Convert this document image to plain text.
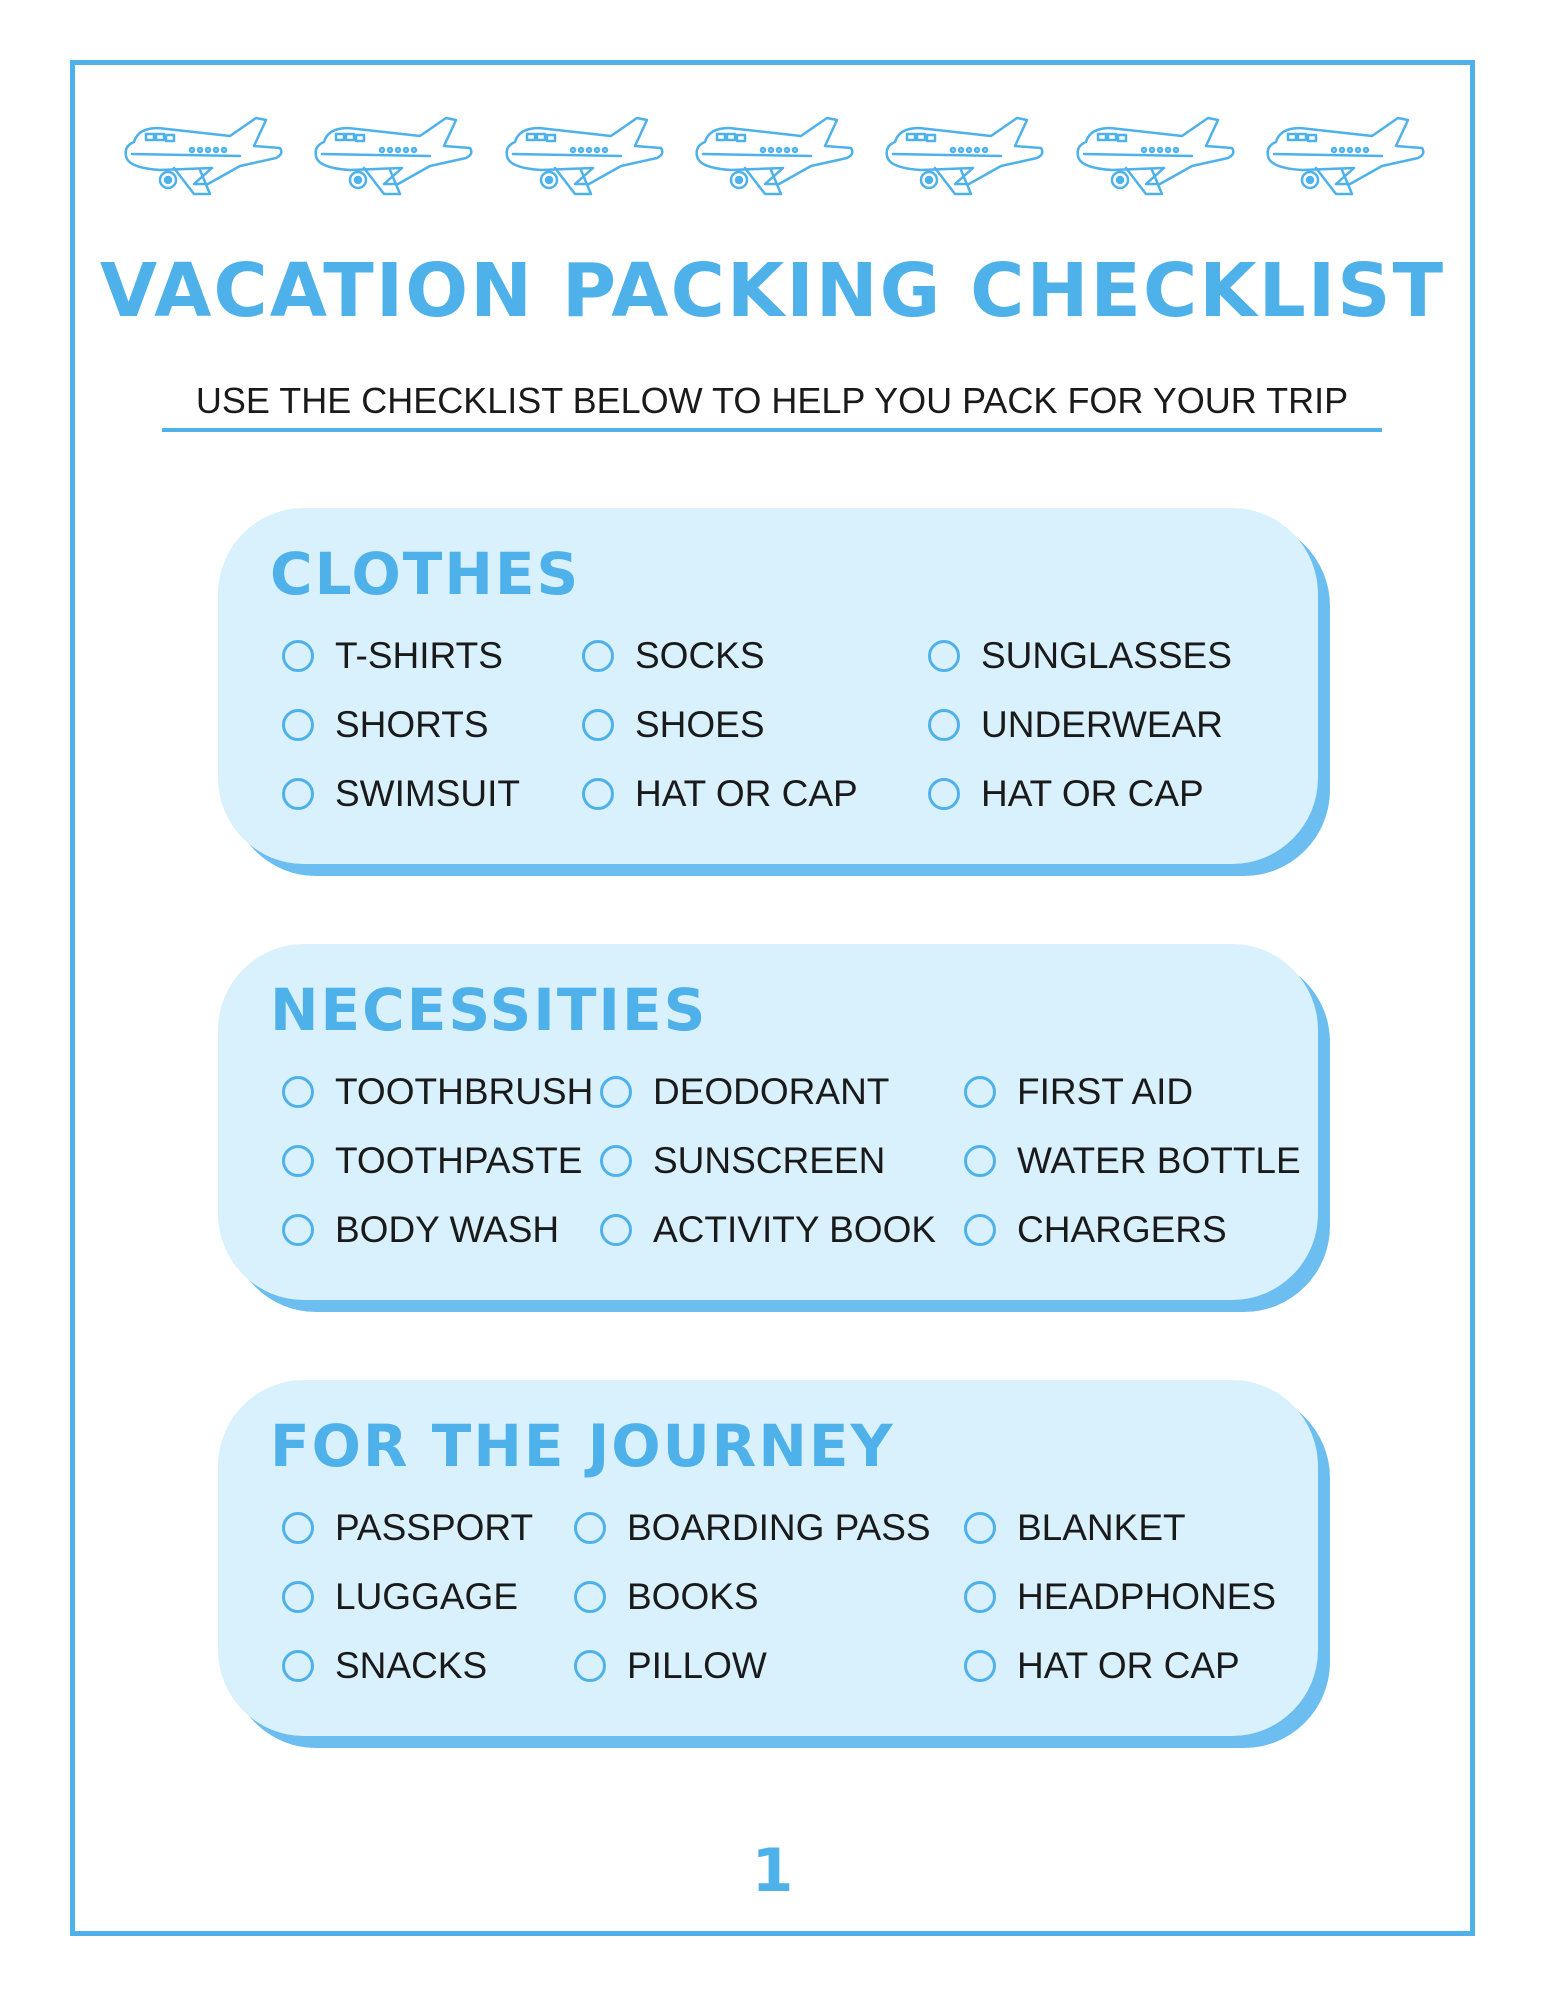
VACATION PACKING CHECKLIST
USE THE CHECKLIST BELOW TO HELP YOU PACK FOR YOUR TRIP
CLOTHES
T-SHIRTS
SHORTS
SWIMSUIT
SOCKS
SHOES
HAT OR CAP
SUNGLASSES
UNDERWEAR
HAT OR CAP
NECESSITIES
TOOTHBRUSH
TOOTHPASTE
BODY WASH
DEODORANT
SUNSCREEN
ACTIVITY BOOK
FIRST AID
WATER BOTTLE
CHARGERS
FOR THE JOURNEY
PASSPORT
LUGGAGE
SNACKS
BOARDING PASS
BOOKS
PILLOW
BLANKET
HEADPHONES
HAT OR CAP
1
